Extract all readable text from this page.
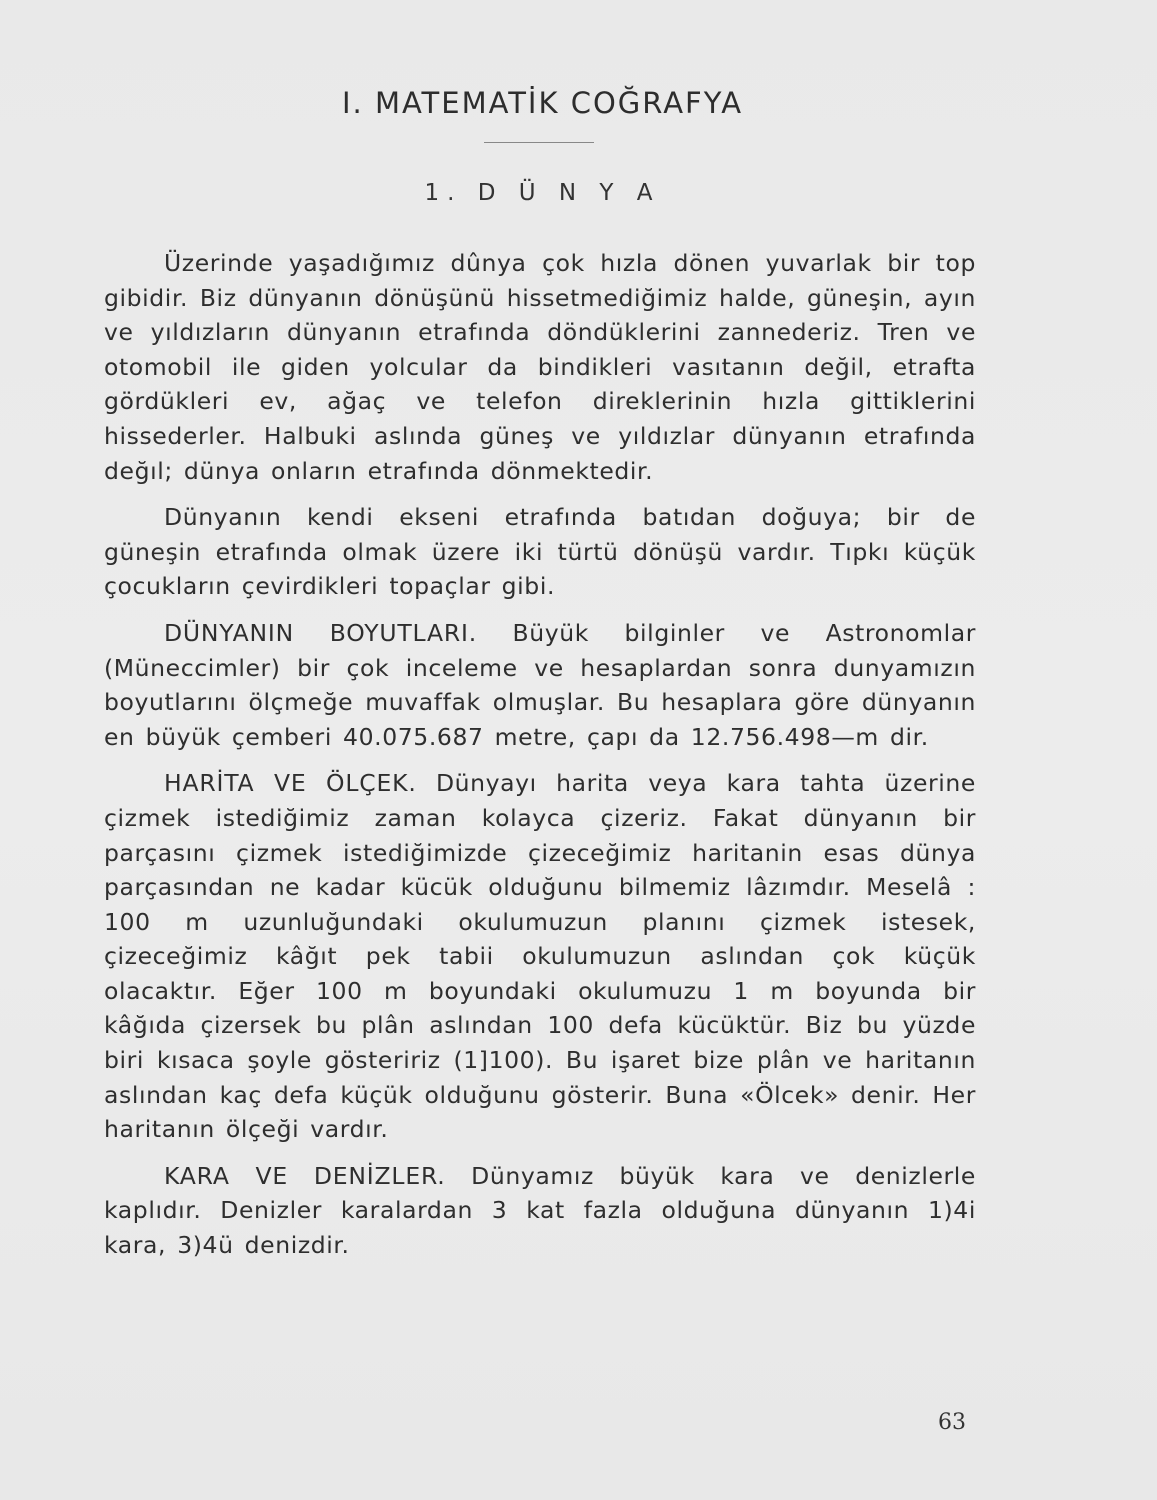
I. MATEMATİK COĞRAFYA
1. D Ü N Y A

Üzerinde yaşadığımız dûnya çok hızla dönen yuvarlak bir top gibidir. Biz dünyanın dönüşünü hissetmediğimiz halde, güneşin, ayın ve yıldızların dünyanın etrafında döndüklerini zannederiz. Tren ve otomobil ile giden yolcular da bindikleri vasıtanın değil, etrafta gördükleri ev, ağaç ve telefon direklerinin hızla gittiklerini hissederler. Halbuki aslında güneş ve yıldızlar dünyanın etrafında değıl; dünya onların etrafında dönmektedir.

Dünyanın kendi ekseni etrafında batıdan doğuya; bir de güneşin etrafında olmak üzere iki türtü dönüşü vardır. Tıpkı küçük çocukların çevirdikleri topaçlar gibi.

DÜNYANIN BOYUTLARI. Büyük bilginler ve Astronomlar (Müneccimler) bir çok inceleme ve hesaplardan sonra dunyamızın boyutlarını ölçmeğe muvaffak olmuşlar. Bu hesaplara göre dünyanın en büyük çemberi 40.075.687 metre, çapı da 12.756.498—m dir.

HARİTA VE ÖLÇEK. Dünyayı harita veya kara tahta üzerine çizmek istediğimiz zaman kolayca çizeriz. Fakat dünyanın bir parçasını çizmek istediğimizde çizeceğimiz haritanin esas dünya parçasından ne kadar kücük olduğunu bilmemiz lâzımdır. Meselâ : 100 m uzunluğundaki okulumuzun planını çizmek istesek, çizeceğimiz kâğıt pek tabii okulumuzun aslından çok küçük olacaktır. Eğer 100 m boyundaki okulumuzu 1 m boyunda bir kâğıda çizersek bu plân aslından 100 defa kücüktür. Biz bu yüzde biri kısaca şoyle gösteririz (1]100). Bu işaret bize plân ve haritanın aslından kaç defa küçük olduğunu gösterir. Buna «Ölcek» denir. Her haritanın ölçeği vardır.

KARA VE DENİZLER. Dünyamız büyük kara ve denizlerle kaplıdır. Denizler karalardan 3 kat fazla olduğuna dünyanın 1)4i kara, 3)4ü denizdir.

63
